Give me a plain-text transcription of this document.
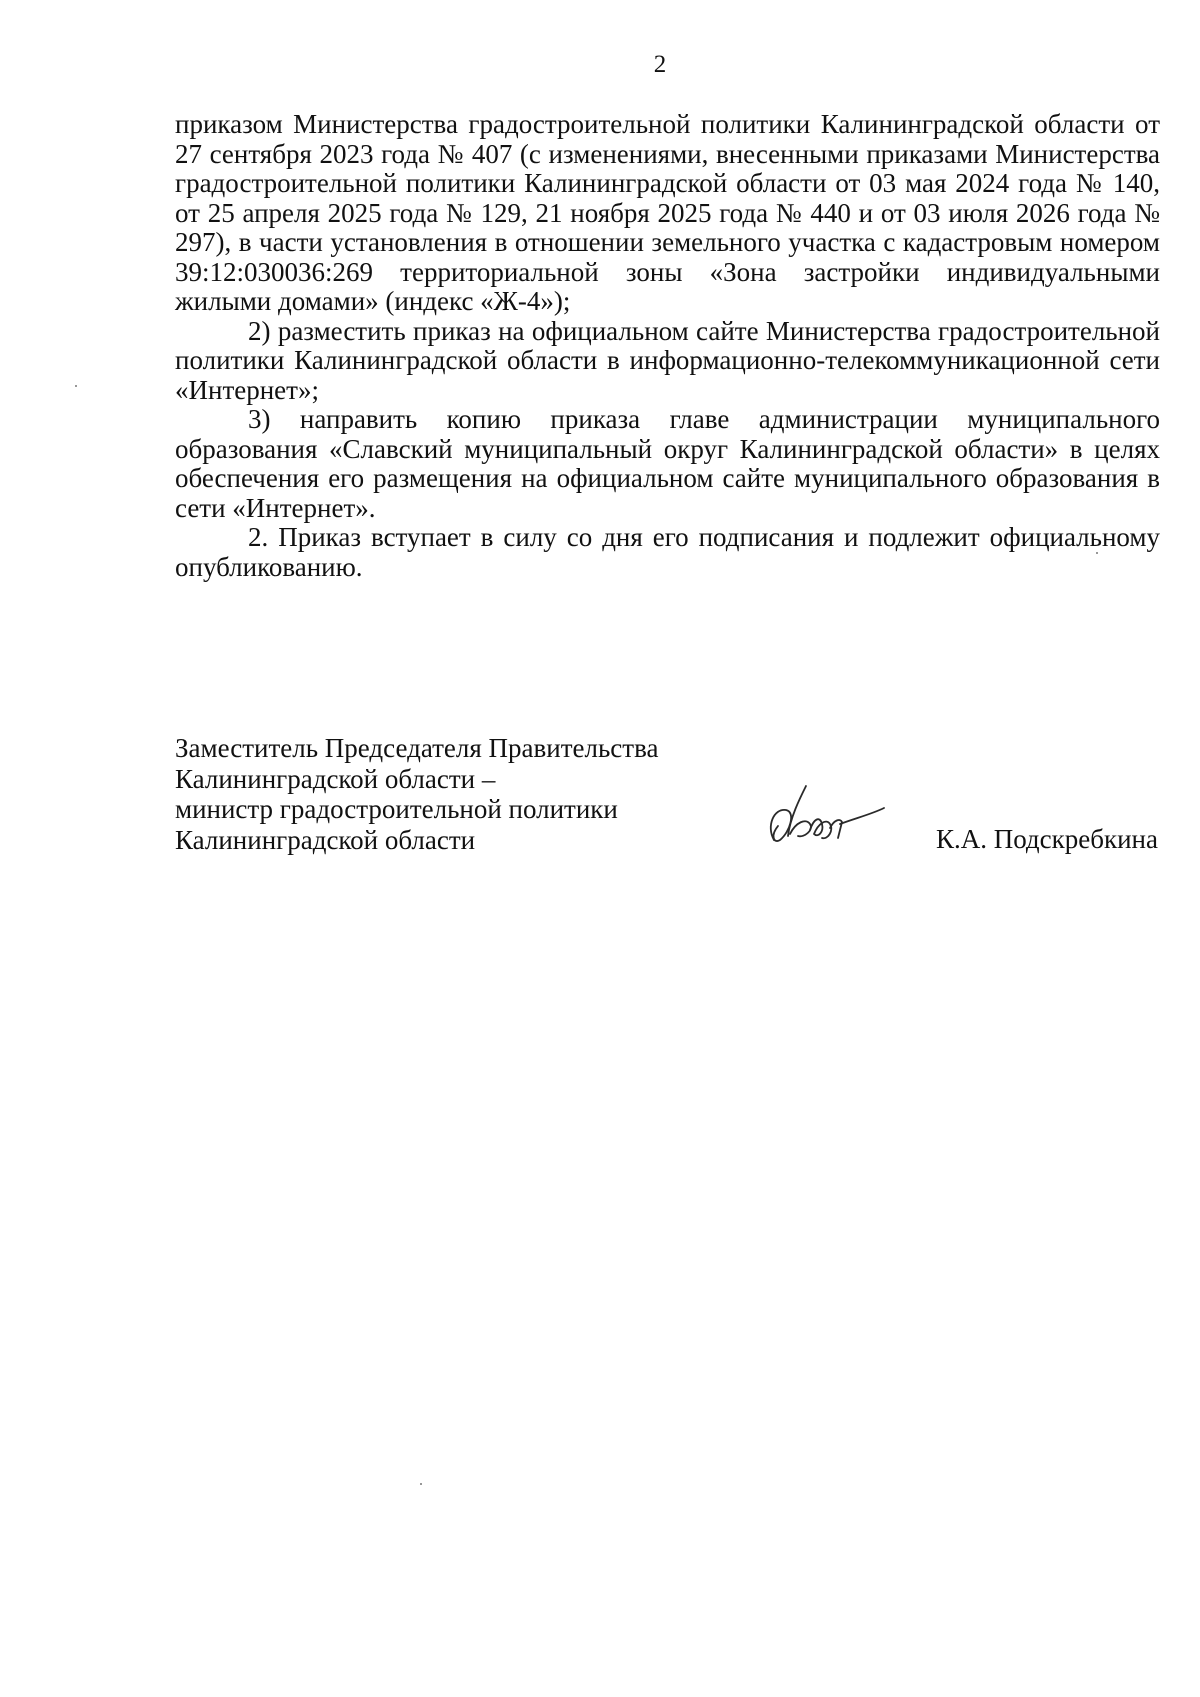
2

приказом Министерства градостроительной политики Калининградской области от 27 сентября 2023 года № 407 (с изменениями, внесенными приказами Министерства градостроительной политики Калининградской области от 03 мая 2024 года № 140, от 25 апреля 2025 года № 129, 21 ноября 2025 года № 440 и от 03 июля 2026 года № 297), в части установления в отношении земельного участка с кадастровым номером 39:12:030036:269 территориальной зоны «Зона застройки индивидуальными жилыми домами» (индекс «Ж-4»);

2) разместить приказ на официальном сайте Министерства градостроительной политики Калининградской области в информационно-телекоммуникационной сети «Интернет»;

3) направить копию приказа главе администрации муниципального образования «Славский муниципальный округ Калининградской области» в целях обеспечения его размещения на официальном сайте муниципального образования в сети «Интернет».

2. Приказ вступает в силу со дня его подписания и подлежит официальному опубликованию.

Заместитель Председателя Правительства
Калининградской области –
министр градостроительной политики
Калининградской области	К.А. Подскребкина
